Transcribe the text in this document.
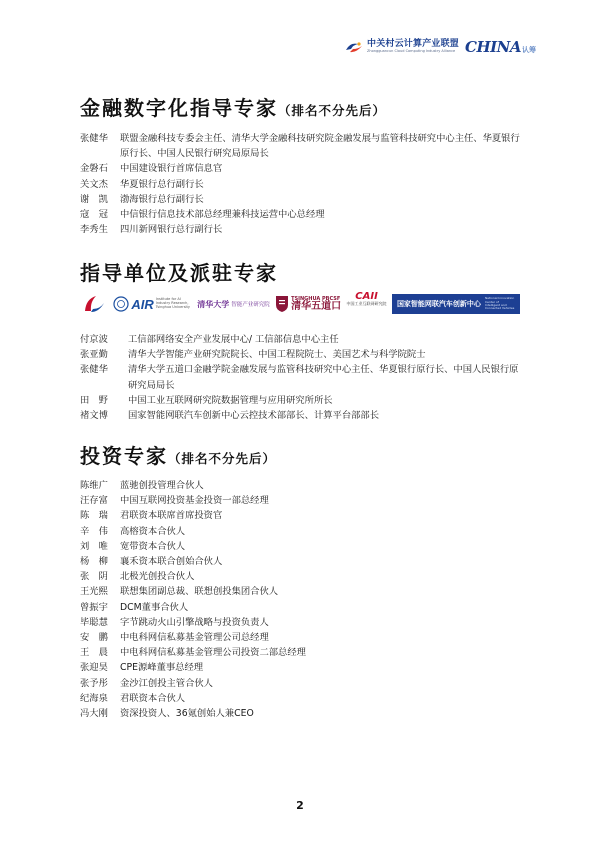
中关村云计算产业联盟
Zhongguancun Cloud Computing Industry Alliance CHINA 认筹
金融数字化指导专家（排名不分先后）
张健华	联盟金融科技专委会主任、清华大学金融科技研究院金融发展与监管科技研究中心主任、华夏银行原行长、中国人民银行研究局原局长
金磐石	中国建设银行首席信息官
关文杰	华夏银行总行副行长
谢　凯	渤海银行总行副行长
寇　冠	中信银行信息技术部总经理兼科技运营中心总经理
李秀生	四川新网银行总行副行长
指导单位及派驻专家
AIR Institute for AI Industry Research, Tsinghua University 清华大学 智能产业研究院
TSINGHUA PBCSF
清华五道口
CAII
中国工业互联网研究院 国家智能网联汽车创新中心
National Innovation Center of Intelligent and Connected Vehicles
付京波	工信部网络安全产业发展中心/ 工信部信息中心主任
张亚勤	清华大学智能产业研究院院长、中国工程院院士、美国艺术与科学院院士
张健华	清华大学五道口金融学院金融发展与监管科技研究中心主任、华夏银行原行长、中国人民银行原研究局局长
田　野	中国工业互联网研究院数据管理与应用研究所所长
褚文博	国家智能网联汽车创新中心云控技术部部长、计算平台部部长
投资专家（排名不分先后）
陈维广	蓝驰创投管理合伙人
汪存富	中国互联网投资基金投资一部总经理
陈　瑞	君联资本联席首席投资官
辛　伟	高榕资本合伙人
刘　唯	宽带资本合伙人
杨　柳	襄禾资本联合创始合伙人
张　阴	北极光创投合伙人
王光熙	联想集团副总裁、联想创投集团合伙人
曾振宇	DCM董事合伙人
毕聪慧	字节跳动火山引擎战略与投资负责人
安　鹏	中电科网信私募基金管理公司总经理
王　晨	中电科网信私募基金管理公司投资二部总经理
张迎昊	CPE源峰董事总经理
张予彤	金沙江创投主管合伙人
纪海泉	君联资本合伙人
冯大刚	资深投资人、36氪创始人兼CEO
2
